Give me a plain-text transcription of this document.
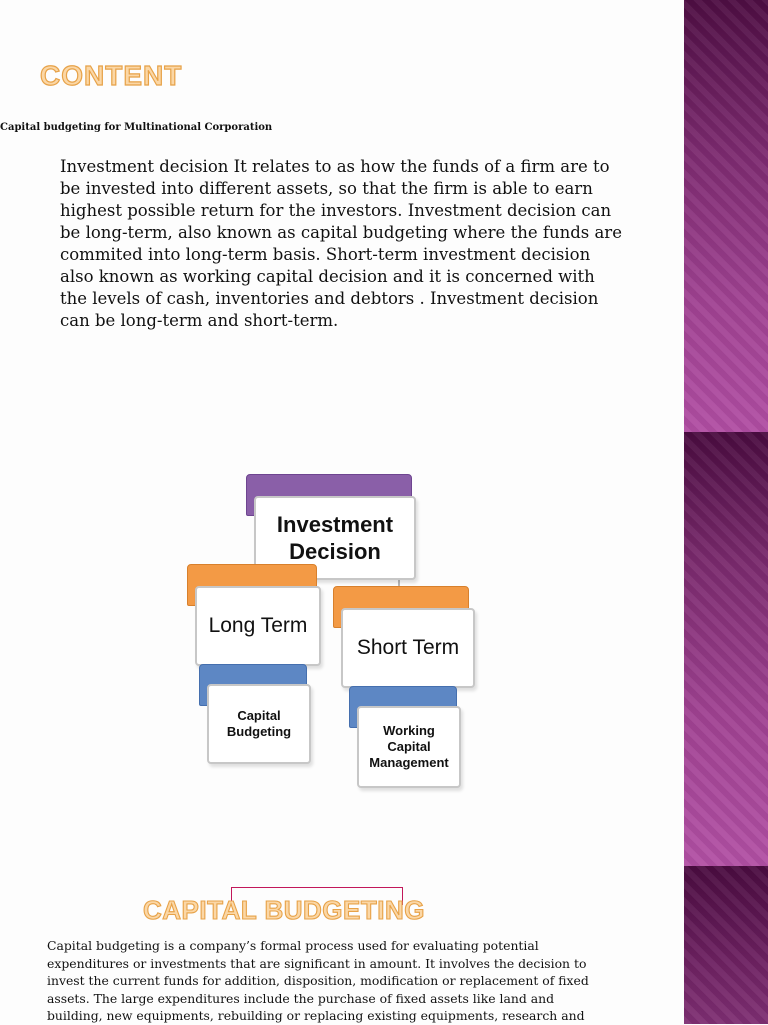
CONTENT

Capital budgeting for Multinational Corporation

Investment decision It relates to as how the funds of a firm are to be invested into different assets, so that the firm is able to earn highest possible return for the investors. Investment decision can be long-term, also known as capital budgeting where the funds are commited into long-term basis. Short-term investment decision also known as working capital decision and it is concerned with the levels of cash, inventories and debtors . Investment decision can be long-term and short-term.

Investment
Decision
Long Term
Short Term
Capital
Budgeting	Working
Capital
Management
CAPITAL BUDGETING

Capital budgeting is a company’s formal process used for evaluating potential expenditures or investments that are significant in amount. It involves the decision to invest the current funds for addition, disposition, modification or replacement of fixed assets. The large expenditures include the purchase of fixed assets like land and building, new equipments, rebuilding or replacing existing equipments, research and
